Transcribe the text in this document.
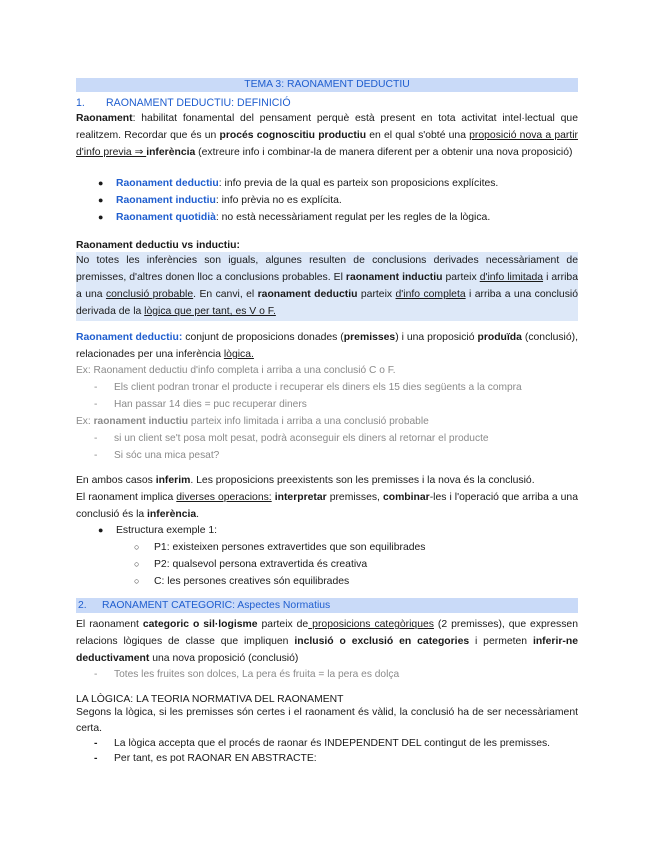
TEMA 3: RAONAMENT DEDUCTIU
1. RAONAMENT DEDUCTIU: DEFINICIÓ
Raonament: habilitat fonamental del pensament perquè està present en tota activitat intel·lectual que realitzem. Recordar que és un procés cognoscitiu productiu en el qual s'obté una proposició nova a partir d'info previa ⇒ inferència (extreure info i combinar-la de manera diferent per a obtenir una nova proposició)
● Raonament deductiu: info previa de la qual es parteix son proposicions explícites.
● Raonament inductiu: info prèvia no es explícita.
● Raonament quotidià: no està necessàriament regulat per les regles de la lògica.
Raonament deductiu vs inductiu:
No totes les inferències son iguals, algunes resulten de conclusions derivades necessàriament de premisses, d'altres donen lloc a conclusions probables. El raonament inductiu parteix d'info limitada i arriba a una conclusió probable. En canvi, el raonament deductiu parteix d'info completa i arriba a una conclusió derivada de la lògica que per tant, es V o F.
Raonament deductiu: conjunt de proposicions donades (premisses) i una proposició produïda (conclusió), relacionades per una inferència lògica.
Ex: Raonament deductiu d'info completa i arriba a una conclusió C o F.
- Els client podran tronar el producte i recuperar els diners els 15 dies següents a la compra
- Han passar 14 dies = puc recuperar diners
Ex: raonament inductiu parteix info limitada i arriba a una conclusió probable
- si un client se't posa molt pesat, podrà aconseguir els diners al retornar el producte
- Si sóc una mica pesat?
En ambos casos inferim. Les proposicions preexistents son les premisses i la nova és la conclusió.
El raonament implica diverses operacions: interpretar premisses, combinar-les i l'operació que arriba a una conclusió és la inferència.
● Estructura exemple 1:
○ P1: existeixen persones extravertides que son equilibrades
○ P2: qualsevol persona extravertida és creativa
○ C: les persones creatives són equilibrades
2. RAONAMENT CATEGORIC: Aspectes Normatius
El raonament categoric o sil·logisme parteix de proposicions categòriques (2 premisses), que expressen relacions lògiques de classe que impliquen inclusió o exclusió en categories i permeten inferir-ne deductivament una nova proposició (conclusió)
- Totes les fruites son dolces, La pera és fruita = la pera es dolça
LA LÒGICA: LA TEORIA NORMATIVA DEL RAONAMENT
Segons la lògica, si les premisses són certes i el raonament és vàlid, la conclusió ha de ser necessàriament certa.
- La lògica accepta que el procés de raonar és INDEPENDENT DEL contingut de les premisses.
- Per tant, es pot RAONAR EN ABSTRACTE:
